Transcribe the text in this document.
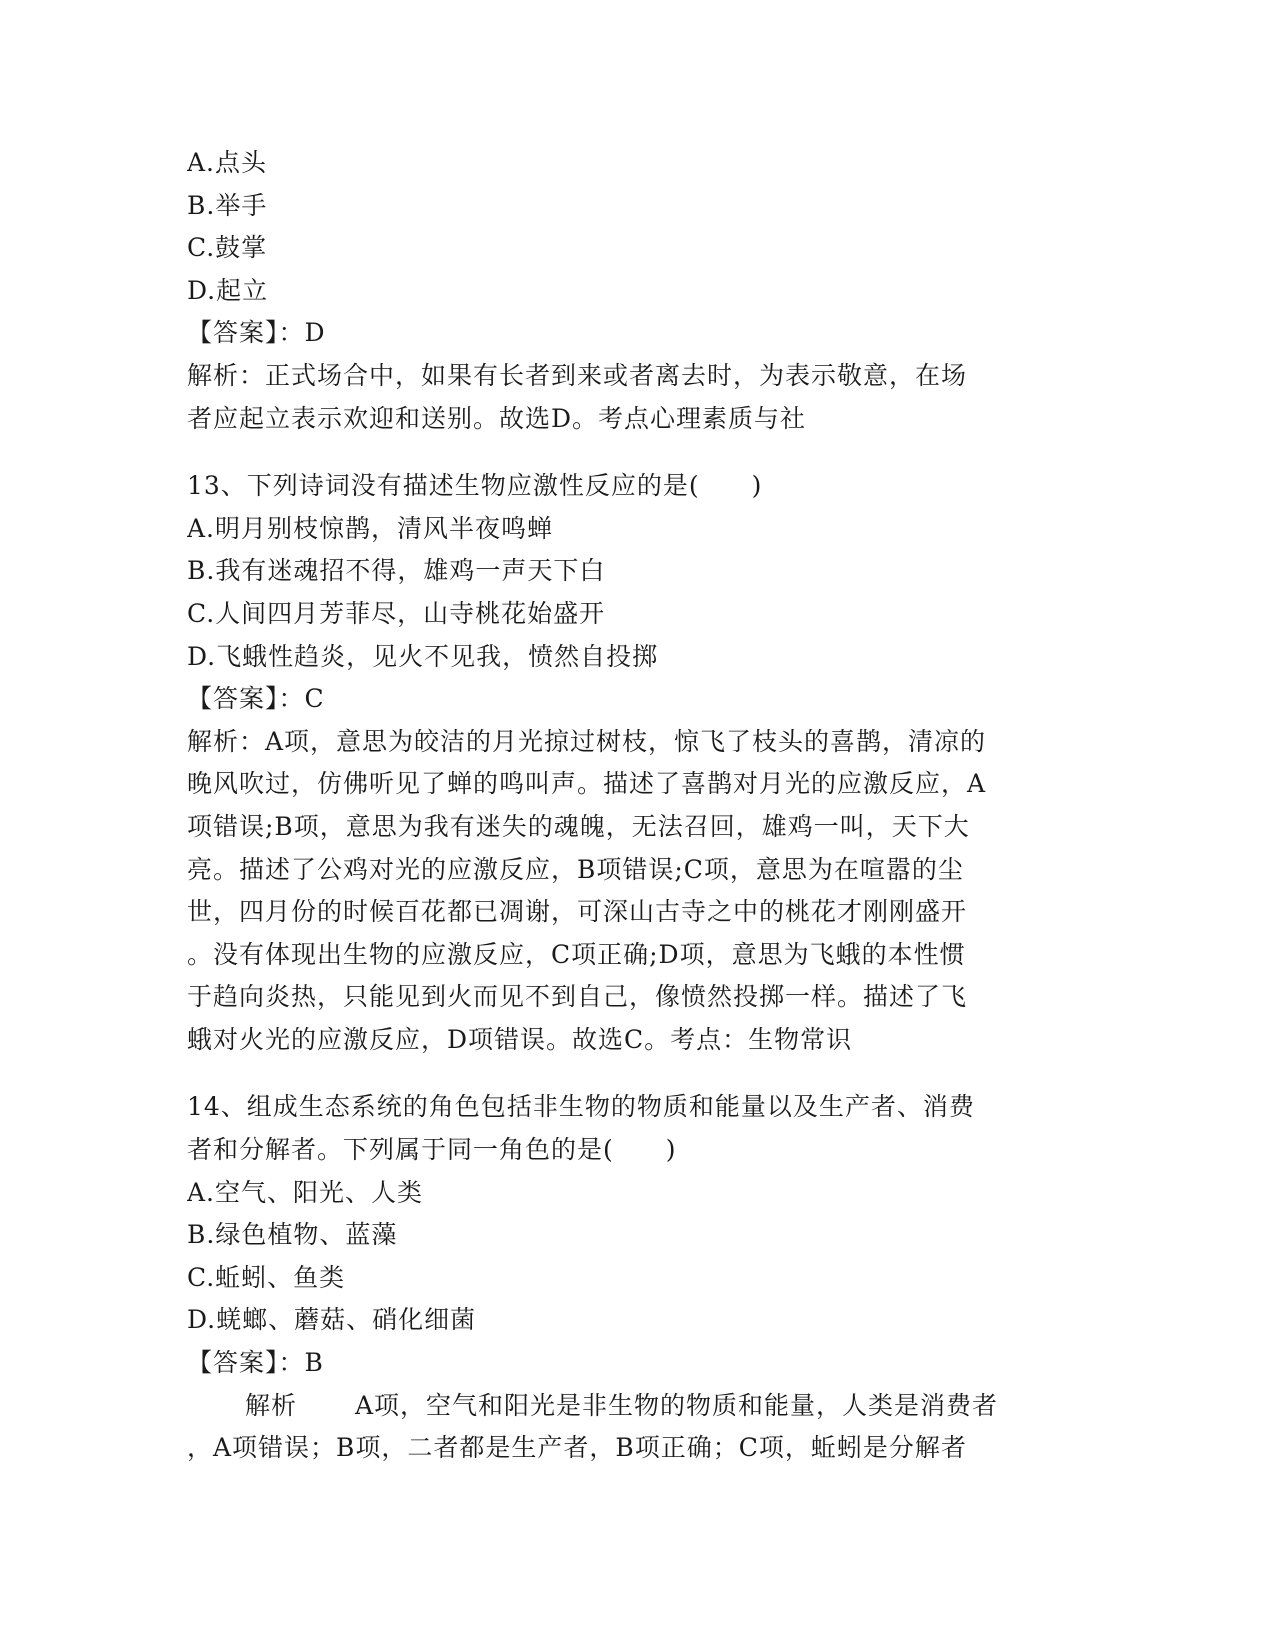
A.点头
B.举手
C.鼓掌
D.起立
【答案】：D
解析：正式场合中，如果有长者到来或者离去时，为表示敬意，在场
者应起立表示欢迎和送别。故选D。考点心理素质与社
13、下列诗词没有描述生物应激性反应的是(　　)
A.明月别枝惊鹊，清风半夜鸣蝉
B.我有迷魂招不得，雄鸡一声天下白
C.人间四月芳菲尽，山寺桃花始盛开
D.飞蛾性趋炎，见火不见我，愤然自投掷
【答案】：C
解析：A项，意思为皎洁的月光掠过树枝，惊飞了枝头的喜鹊，清凉的
晚风吹过，仿佛听见了蝉的鸣叫声。描述了喜鹊对月光的应激反应，A
项错误;B项，意思为我有迷失的魂魄，无法召回，雄鸡一叫，天下大
亮。描述了公鸡对光的应激反应，B项错误;C项，意思为在喧嚣的尘
世，四月份的时候百花都已凋谢，可深山古寺之中的桃花才刚刚盛开
。没有体现出生物的应激反应，C项正确;D项，意思为飞蛾的本性惯
于趋向炎热，只能见到火而见不到自己，像愤然投掷一样。描述了飞
蛾对火光的应激反应，D项错误。故选C。考点：生物常识
14、组成生态系统的角色包括非生物的物质和能量以及生产者、消费
者和分解者。下列属于同一角色的是(　　)
A.空气、阳光、人类
B.绿色植物、蓝藻
C.蚯蚓、鱼类
D.蜣螂、蘑菇、硝化细菌
【答案】：B
解析 A项，空气和阳光是非生物的物质和能量，人类是消费者
，A项错误；B项，二者都是生产者，B项正确；C项，蚯蚓是分解者
